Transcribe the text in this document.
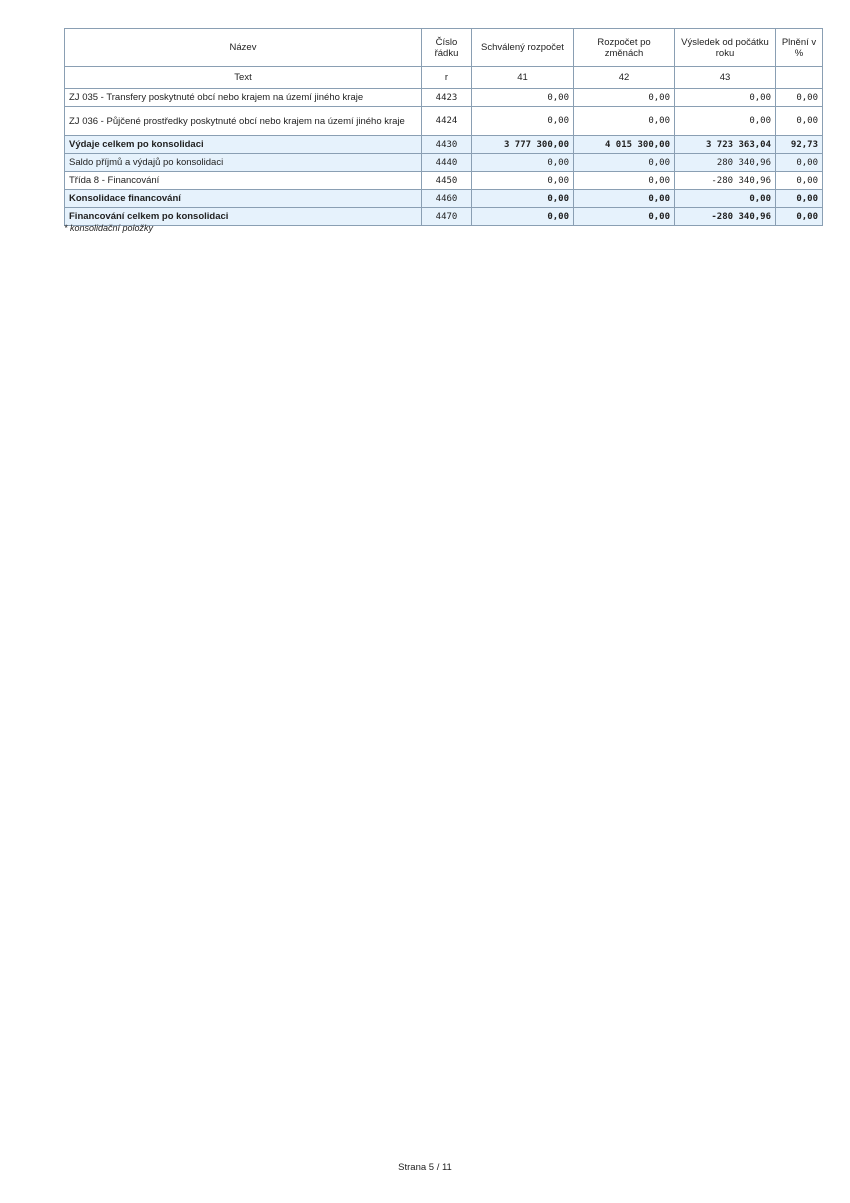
Název	Číslo řádku	Schválený rozpočet	Rozpočet po změnách	Výsledek od počátku roku	Plnění v %
Text	r	41	42	43	
ZJ 035 - Transfery poskytnuté obcí nebo krajem na území jiného kraje	4423	0,00	0,00	0,00	0,00
ZJ 036 - Půjčené prostředky poskytnuté obcí nebo krajem na území jiného kraje	4424	0,00	0,00	0,00	0,00
Výdaje celkem po konsolidaci	4430	3 777 300,00	4 015 300,00	3 723 363,04	92,73
Saldo příjmů a výdajů po konsolidaci	4440	0,00	0,00	280 340,96	0,00
Třída 8 - Financování	4450	0,00	0,00	-280 340,96	0,00
Konsolidace financování	4460	0,00	0,00	0,00	0,00
Financování celkem po konsolidaci	4470	0,00	0,00	-280 340,96	0,00
* konsolidační položky
Strana 5 / 11
